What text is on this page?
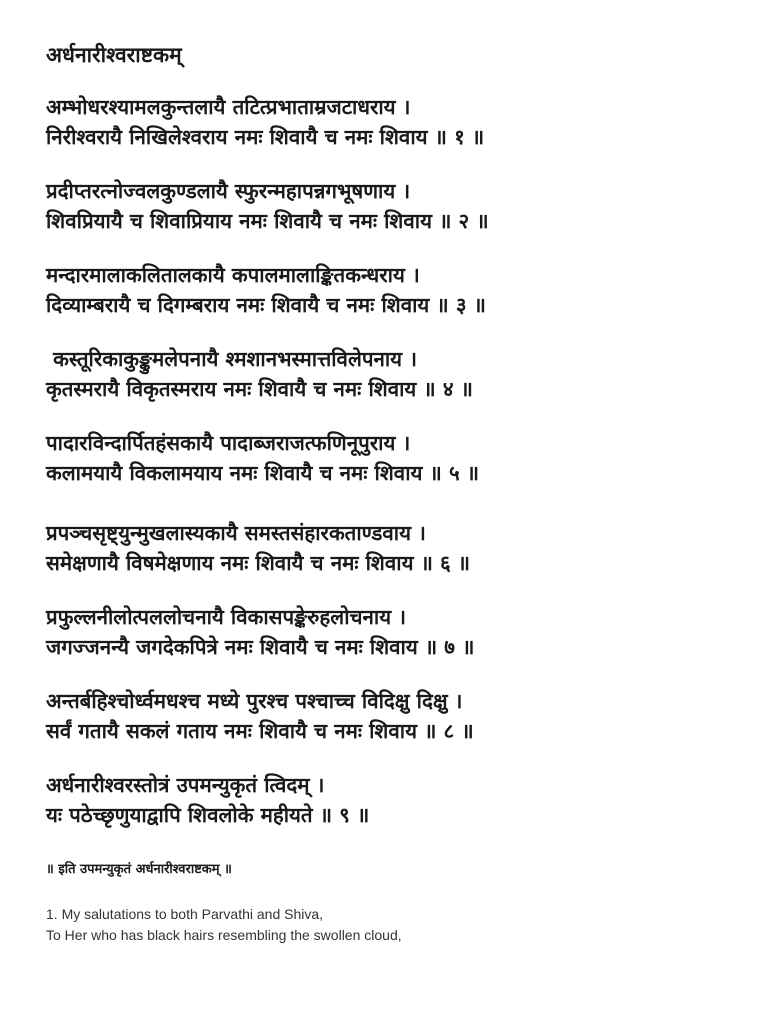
अर्धनारीश्वराष्टकम्
अम्भोधरश्यामलकुन्तलायै तटित्प्रभाताम्रजटाधराय ।
निरीश्वरायै निखिलेश्वराय नमः शिवायै च नमः शिवाय ॥ १ ॥
प्रदीप्तरत्नोज्वलकुण्डलायै स्फुरन्महापन्नगभूषणाय ।
शिवप्रियायै च शिवाप्रियाय नमः शिवायै च नमः शिवाय ॥ २ ॥
मन्दारमालाकलितालकायै कपालमालाङ्कितकन्धराय ।
दिव्याम्बरायै च दिगम्बराय नमः शिवायै च नमः शिवाय ॥ ३ ॥
कस्तूरिकाकुङ्कुमलेपनायै श्मशानभस्मात्तविलेपनाय ।
कृतस्मरायै विकृतस्मराय नमः शिवायै च नमः शिवाय ॥ ४ ॥
पादारविन्दार्पितहंसकायै पादाब्जराजत्फणिनूपुराय ।
कलामयायै विकलामयाय नमः शिवायै च नमः शिवाय ॥ ५ ॥
प्रपञ्चसृष्ट्युन्मुखलास्यकायै समस्तसंहारकताण्डवाय ।
समेक्षणायै विषमेक्षणाय नमः शिवायै च नमः शिवाय ॥ ६ ॥
प्रफुल्लनीलोत्पललोचनायै विकासपङ्केरुहलोचनाय ।
जगज्जनन्यै जगदेकपित्रे नमः शिवायै च नमः शिवाय ॥ ७ ॥
अन्तर्बहिश्चोर्ध्वमधश्च मध्ये पुरश्च पश्चाच्च विदिक्षु दिक्षु ।
सर्वं गतायै सकलं गताय नमः शिवायै च नमः शिवाय ॥ ८ ॥
अर्धनारीश्वरस्तोत्रं उपमन्युकृतं त्विदम् ।
यः पठेच्छृणुयाद्वापि शिवलोके महीयते ॥ ९ ॥
॥ इति उपमन्युकृतं अर्धनारीश्वराष्टकम् ॥
1. My salutations to both Parvathi and Shiva,
To Her who has black hairs resembling the swollen cloud,
